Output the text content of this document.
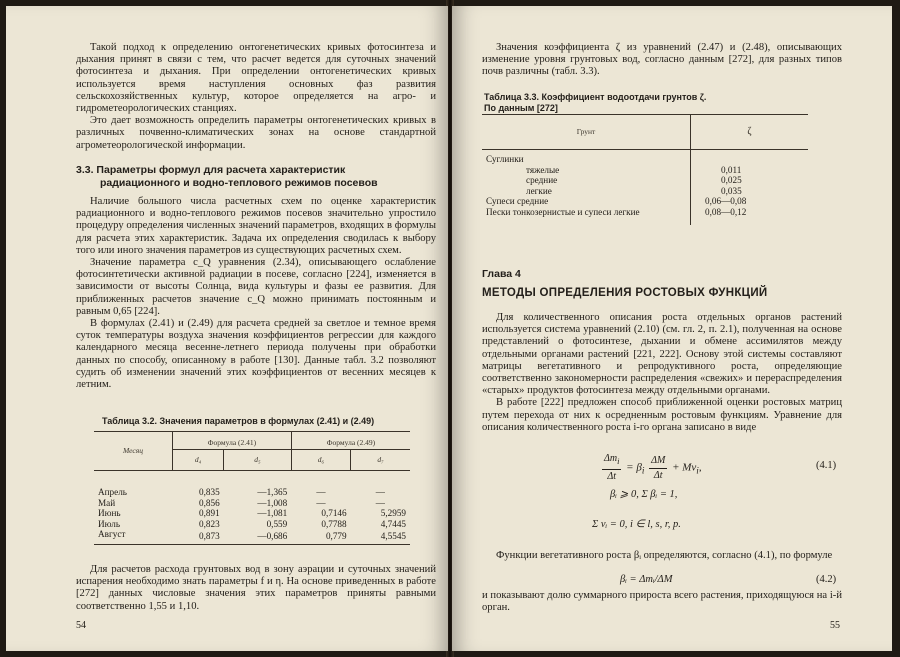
Такой подход к определению онтогенетических кривых фотосинтеза и дыхания принят в связи с тем, что расчет ведется для суточных значений фотосинтеза и дыхания. При определении онтогенетических кривых используется время наступления основных фаз развития сельскохозяйственных культур, которое определяется на агро- и гидрометеорологических станциях.

Это дает возможность определить параметры онтогенетических кривых в различных почвенно-климатических зонах на основе стандартной агрометеорологической информации.

3.3. Параметры формул для расчета характеристик
радиационного и водно-теплового режимов посевов

Наличие большого числа расчетных схем по оценке характеристик радиационного и водно-теплового режимов посевов значительно упростило процедуру определения численных значений параметров, входящих в формулы для расчета этих характеристик. Задача их определения сводилась к выбору того или иного значения параметров из существующих расчетных схем.

Значение параметра c_Q уравнения (2.34), описывающего ослабление фотосинтетически активной радиации в посеве, согласно [224], изменяется в зависимости от высоты Солнца, вида культуры и фазы ее развития. Для приближенных расчетов значение c_Q можно принимать постоянным и равным 0,65 [224].

В формулах (2.41) и (2.49) для расчета средней за светлое и темное время суток температуры воздуха значения коэффициентов регрессии для каждого календарного месяца весенне-летнего периода получены при обработки данных по способу, описанному в работе [130]. Данные табл. 3.2 позволяют судить об изменении значений этих коэффициентов от весенних месяцев к летним.

Таблица 3.2. Значения параметров в формулах (2.41) и (2.49)
Месяц	Формула (2.41)		Формула (2.49)	
	d₄	d₅	d₆	d₇

Апрель	0,835	—1,365	—	—
Май	0,856	—1,008	—	—
Июнь	0,891	—1,081	0,7146	5,2959
Июль	0,823	0,559	0,7788	4,7445
Август	0,873	—0,686	0,779	4,5545

Для расчетов расхода грунтовых вод в зону аэрации и суточных значений испарения необходимо знать параметры f и η. На основе приведенных в работе [272] данных числовые значения этих параметров приняты равными соответственно 1,55 и 1,10.

54

Значения коэффициента ζ из уравнений (2.47) и (2.48), описывающих изменение уровня грунтовых вод, согласно данным [272], для разных типов почв различны (табл. 3.3).

Таблица 3.3. Коэффициент водоотдачи грунтов ζ.
По данным [272]
Грунт	ζ

Суглинки	
тяжелые	0,011
средние	0,025
легкие	0,035
Супеси средние	0,06—0,08
Пески тонкозернистые и супеси легкие	0,08—0,12
Глава 4
МЕТОДЫ ОПРЕДЕЛЕНИЯ РОСТОВЫХ ФУНКЦИЙ

Для количественного описания роста отдельных органов растений используется система уравнений (2.10) (см. гл. 2, п. 2.1), полученная на основе представлений о фотосинтезе, дыхании и обмене ассимилятов между отдельными органами растений [221, 222]. Основу этой системы составляют матрицы вегетативного и репродуктивного роста, определяющие соответственно закономерности распределения «свежих» и перераспределения «старых» продуктов фотосинтеза между отдельными органами.

В работе [222] предложен способ приближенной оценки ростовых матриц путем перехода от них к осредненным ростовым функциям. Уравнение для описания количественного роста i-го органа записано в виде

$\frac{\Delta m_i}{\Delta t} = \beta_i \frac{\Delta M}{\Delta t} + Mv_i$,	(4.1)
βᵢ ⩾ 0, Σ βᵢ = 1,
Σ vᵢ = 0, i ∈ l, s, r, p.

Функции вегетативного роста βᵢ определяются, согласно (4.1), по формуле

βᵢ = Δmᵢ/ΔM	(4.2)

и показывают долю суммарного прироста всего растения, приходящуюся на i-й орган.

55
